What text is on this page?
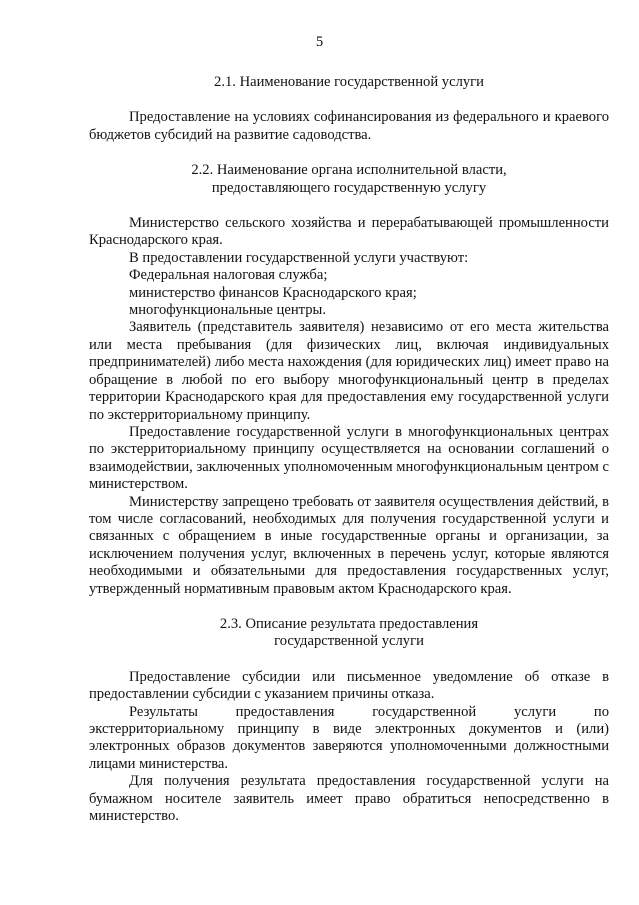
5

2.1. Наименование государственной услуги

Предоставление на условиях софинансирования из федерального и краевого бюджетов субсидий на развитие садоводства.

2.2. Наименование органа исполнительной власти,

предоставляющего государственную услугу

Министерство сельского хозяйства и перерабатывающей промышленности Краснодарского края.

В предоставлении государственной услуги участвуют:

Федеральная налоговая служба;

министерство финансов Краснодарского края;

многофункциональные центры.

Заявитель (представитель заявителя) независимо от его места жительства или места пребывания (для физических лиц, включая индивидуальных предпринимателей) либо места нахождения (для юридических лиц) имеет право на обращение в любой по его выбору многофункциональный центр в пределах территории Краснодарского края для предоставления ему государственной услуги по экстерриториальному принципу.

Предоставление государственной услуги в многофункциональных центрах по экстерриториальному принципу осуществляется на основании соглашений о взаимодействии, заключенных уполномоченным многофункциональным центром с министерством.

Министерству запрещено требовать от заявителя осуществления действий, в том числе согласований, необходимых для получения государственной услуги и связанных с обращением в иные государственные органы и организации, за исключением получения услуг, включенных в перечень услуг, которые являются необходимыми и обязательными для предоставления государственных услуг, утвержденный нормативным правовым актом Краснодарского края.

2.3. Описание результата предоставления

государственной услуги

Предоставление субсидии или письменное уведомление об отказе в предоставлении субсидии с указанием причины отказа.

Результаты предоставления государственной услуги по экстерриториальному принципу в виде электронных документов и (или) электронных образов документов заверяются уполномоченными должностными лицами министерства.

Для получения результата предоставления государственной услуги на бумажном носителе заявитель имеет право обратиться непосредственно в министерство.
